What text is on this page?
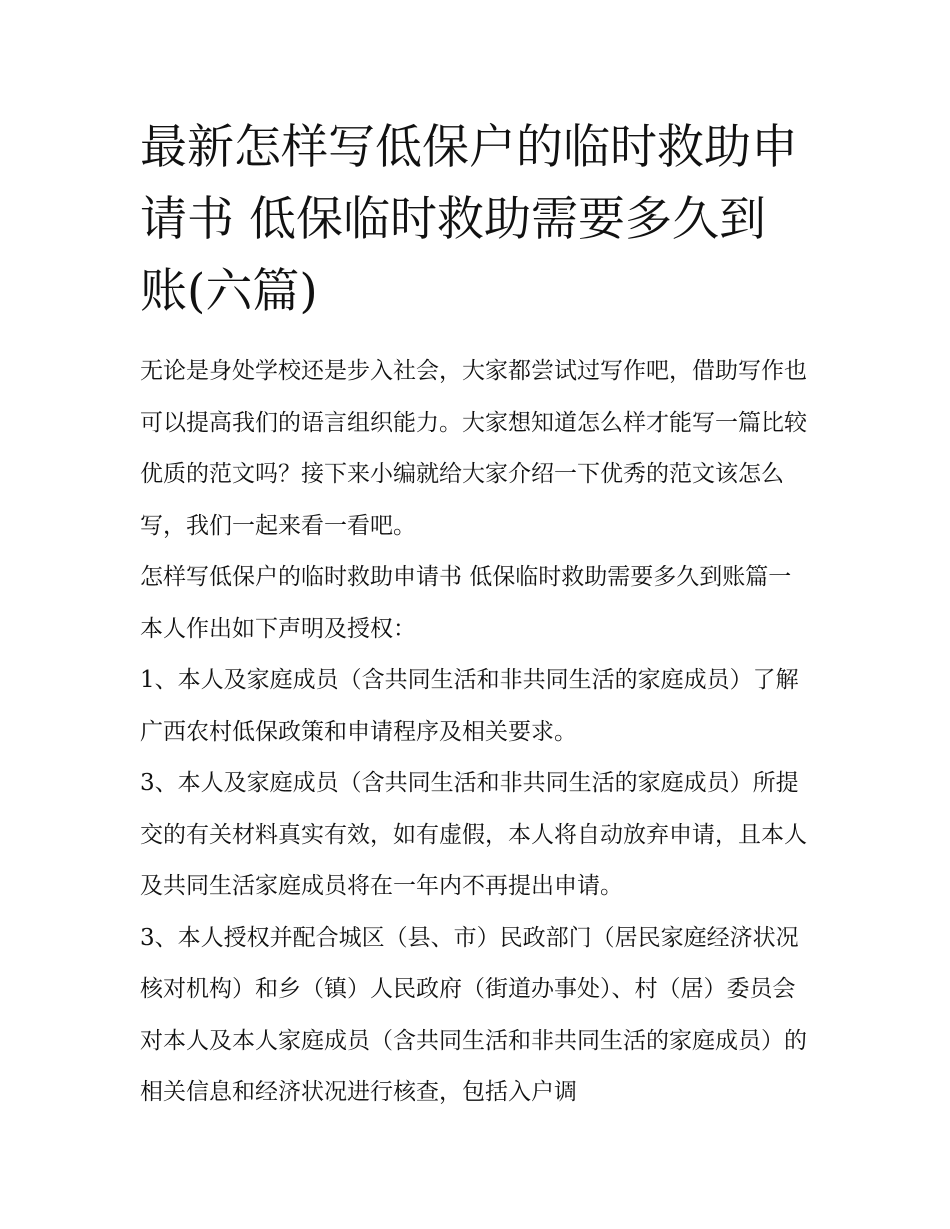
最新怎样写低保户的临时救助申请书 低保临时救助需要多久到账(六篇)

无论是身处学校还是步入社会，大家都尝试过写作吧，借助写作也可以提高我们的语言组织能力。大家想知道怎么样才能写一篇比较优质的范文吗？接下来小编就给大家介绍一下优秀的范文该怎么写，我们一起来看一看吧。

怎样写低保户的临时救助申请书 低保临时救助需要多久到账篇一本人作出如下声明及授权：

1、本人及家庭成员（含共同生活和非共同生活的家庭成员）了解广西农村低保政策和申请程序及相关要求。

3、本人及家庭成员（含共同生活和非共同生活的家庭成员）所提交的有关材料真实有效，如有虚假，本人将自动放弃申请，且本人及共同生活家庭成员将在一年内不再提出申请。

3、本人授权并配合城区（县、市）民政部门（居民家庭经济状况核对机构）和乡（镇）人民政府（街道办事处）、村（居）委员会对本人及本人家庭成员（含共同生活和非共同生活的家庭成员）的相关信息和经济状况进行核查，包括入户调
